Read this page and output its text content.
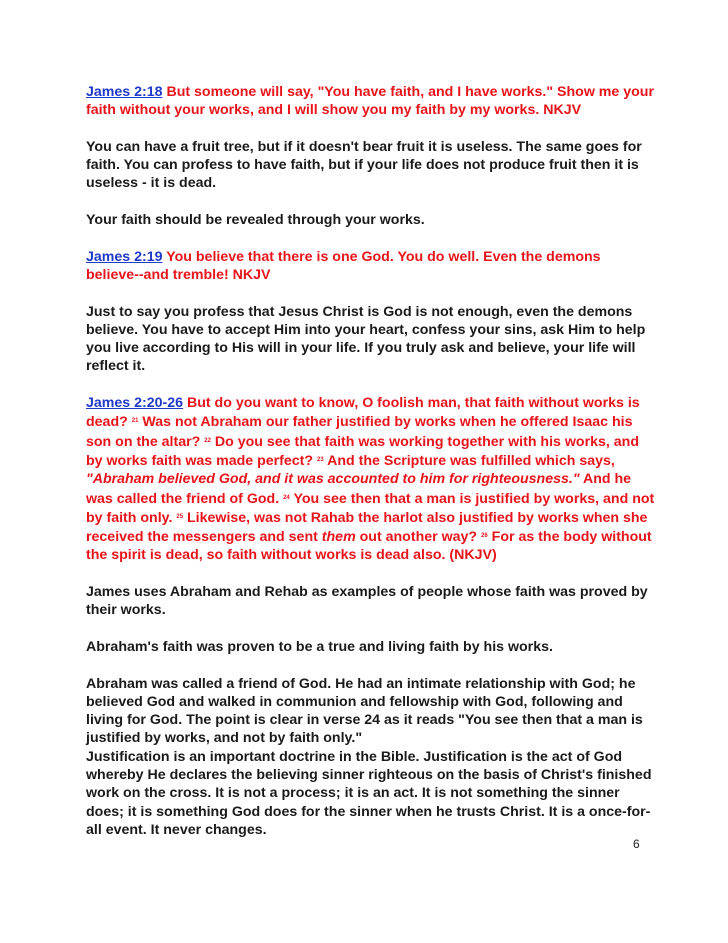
James 2:18 But someone will say, "You have faith, and I have works." Show me your faith without your works, and I will show you my faith by my works. NKJV

You can have a fruit tree, but if it doesn't bear fruit it is useless. The same goes for faith. You can profess to have faith, but if your life does not produce fruit then it is useless - it is dead.

Your faith should be revealed through your works.

James 2:19 You believe that there is one God. You do well. Even the demons believe--and tremble! NKJV

Just to say you profess that Jesus Christ is God is not enough, even the demons believe. You have to accept Him into your heart, confess your sins, ask Him to help you live according to His will in your life. If you truly ask and believe, your life will reflect it.

James 2:20-26 But do you want to know, O foolish man, that faith without works is dead? $^{21}$ Was not Abraham our father justified by works when he offered Isaac his son on the altar? $^{22}$ Do you see that faith was working together with his works, and by works faith was made perfect? $^{23}$ And the Scripture was fulfilled which says, "Abraham believed God, and it was accounted to him for righteousness." And he was called the friend of God. $^{24}$ You see then that a man is justified by works, and not by faith only. $^{25}$ Likewise, was not Rahab the harlot also justified by works when she received the messengers and sent them out another way? $^{26}$ For as the body without the spirit is dead, so faith without works is dead also. (NKJV)

James uses Abraham and Rehab as examples of people whose faith was proved by their works.

Abraham's faith was proven to be a true and living faith by his works.

Abraham was called a friend of God. He had an intimate relationship with God; he believed God and walked in communion and fellowship with God, following and living for God. The point is clear in verse 24 as it reads "You see then that a man is justified by works, and not by faith only."

Justification is an important doctrine in the Bible. Justification is the act of God whereby He declares the believing sinner righteous on the basis of Christ's finished work on the cross. It is not a process; it is an act. It is not something the sinner does; it is something God does for the sinner when he trusts Christ. It is a once-for-all event. It never changes.

6
